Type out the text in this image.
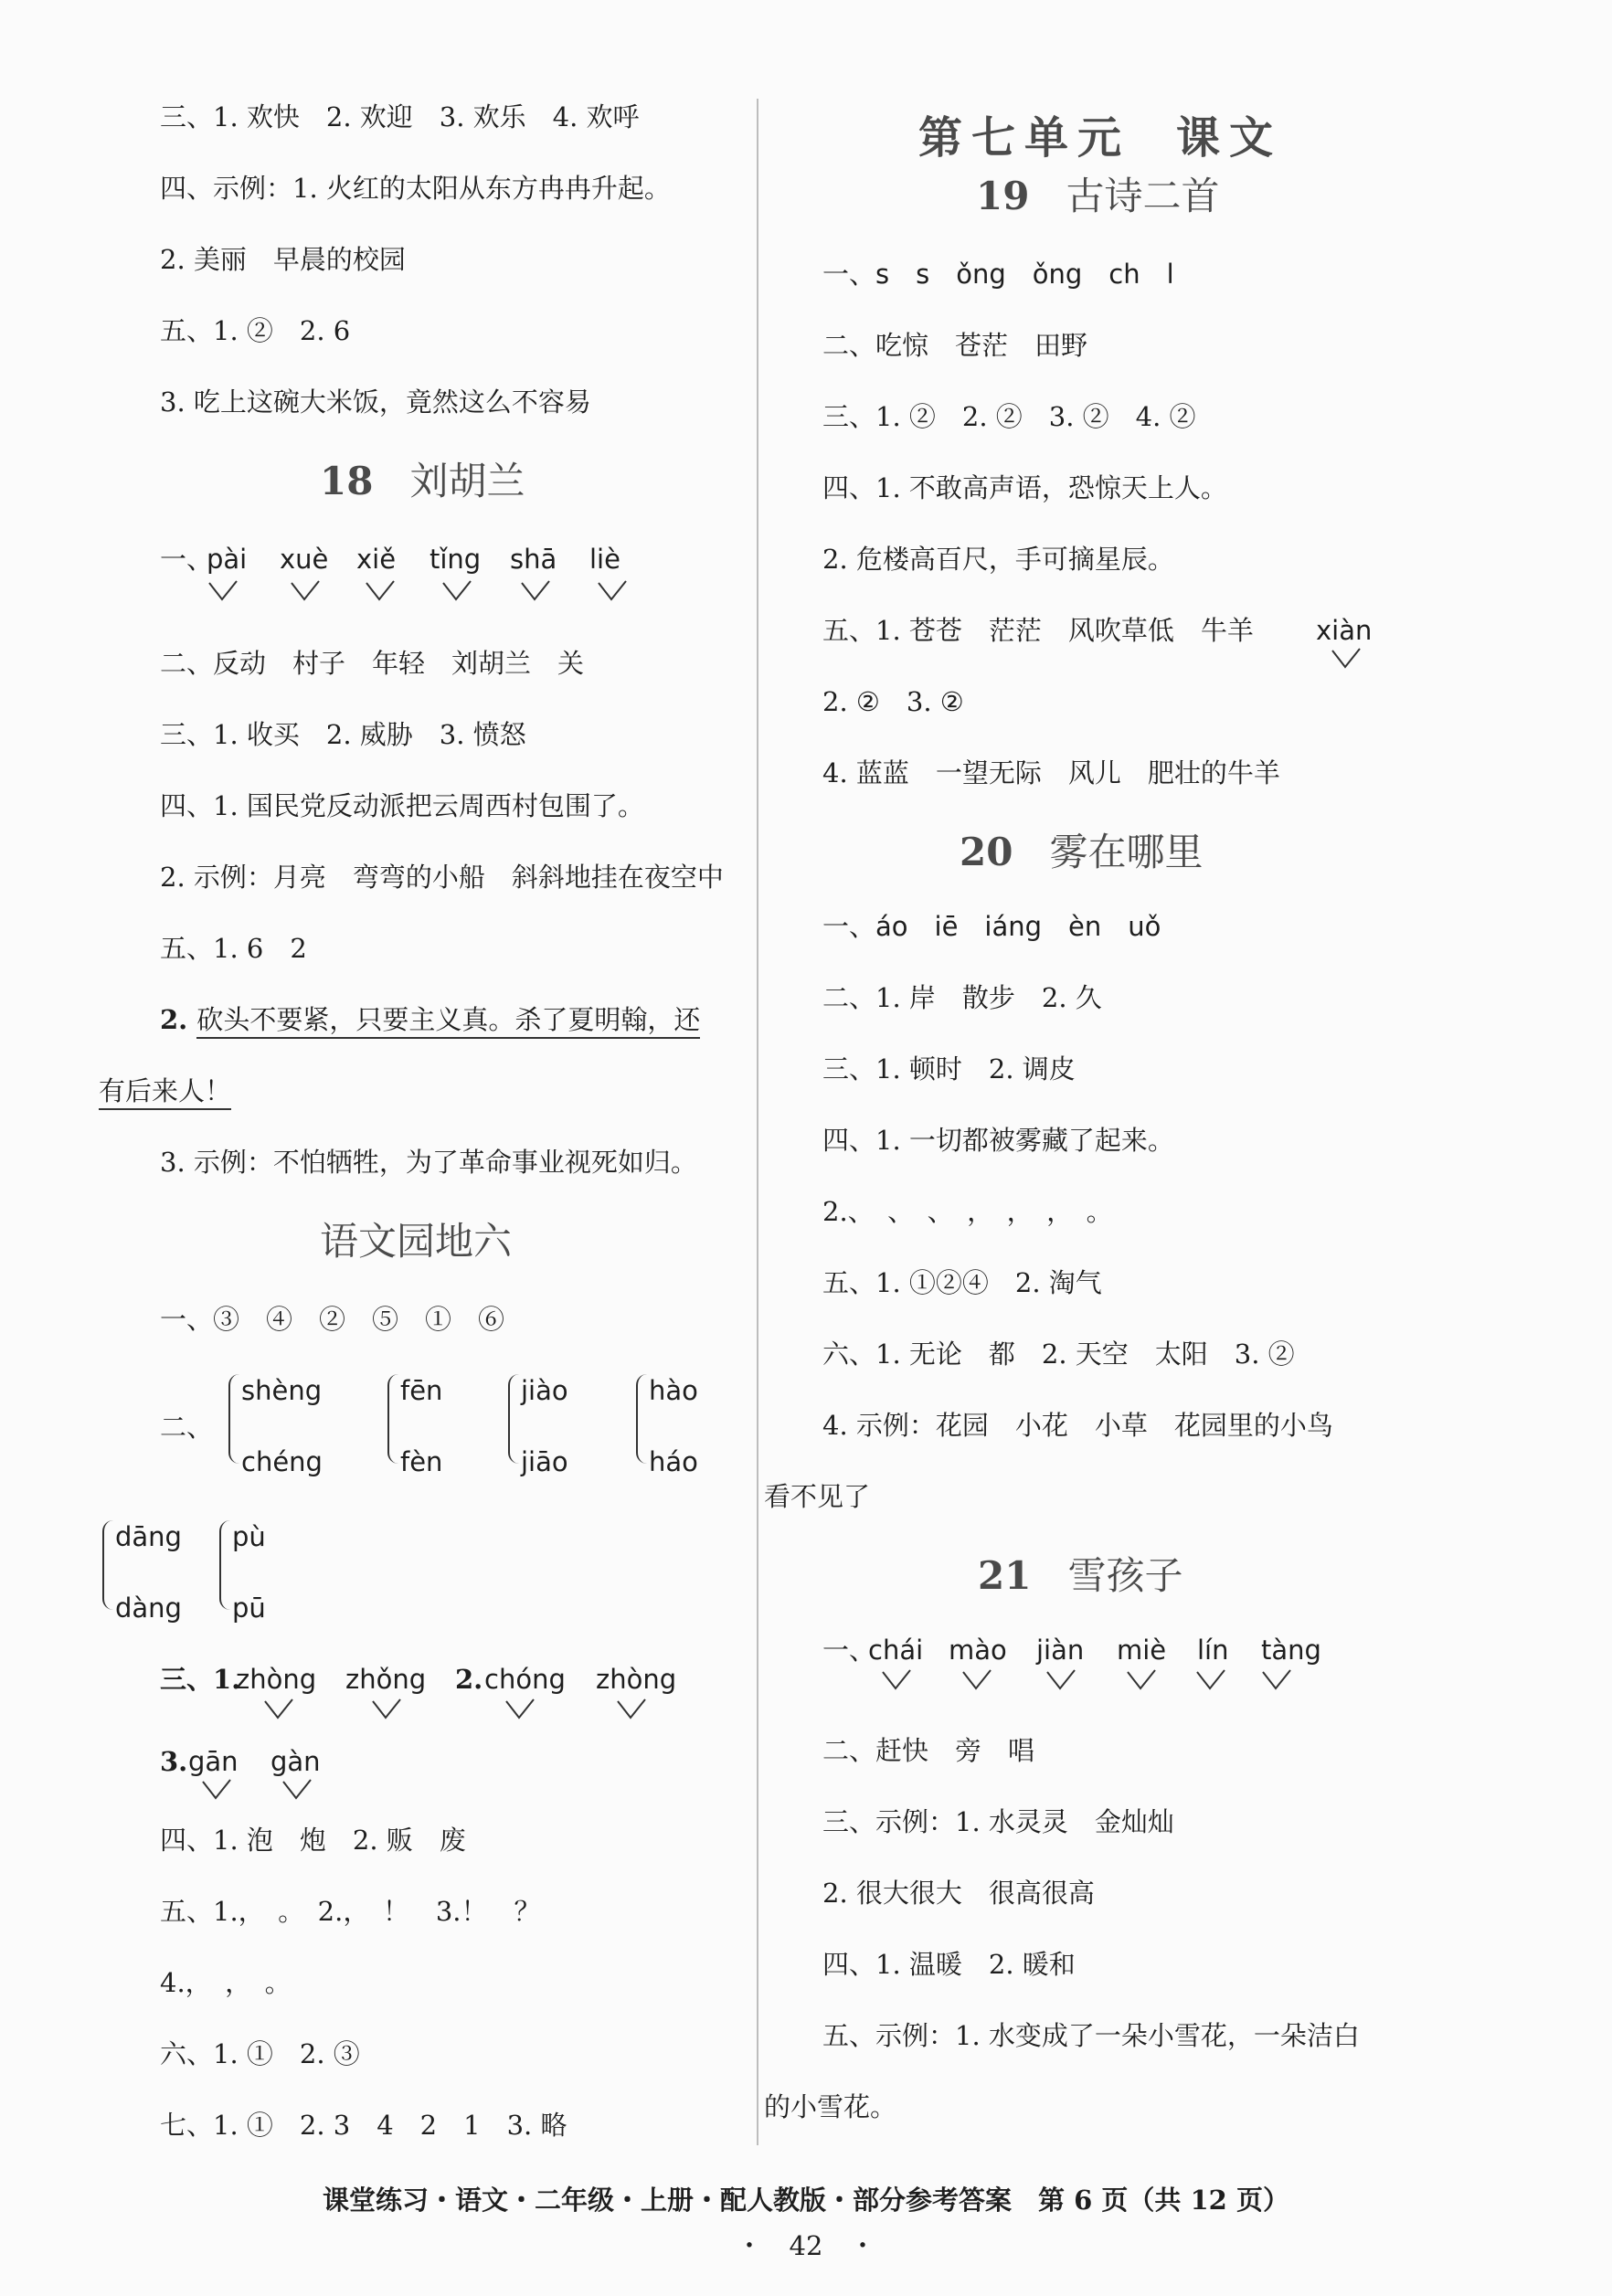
三、1. 欢快　2. 欢迎　3. 欢乐　4. 欢呼
四、示例：1. 火红的太阳从东方冉冉升起。
2. 美丽　早晨的校园
五、1. ②　2. 6
3. 吃上这碗大米饭，竟然这么不容易
18 刘胡兰
一、
pài xuè xiě tǐng shā liè
二、反动　村子　年轻　刘胡兰　关
三、1. 收买　2. 威胁　3. 愤怒
四、1. 国民党反动派把云周西村包围了。
2. 示例：月亮　弯弯的小船　斜斜地挂在夜空中
五、1. 6　2
2. 砍头不要紧，只要主义真。杀了夏明翰，还
有后来人！
3. 示例：不怕牺牲，为了革命事业视死如归。
语文园地六
一、③　④　②　⑤　①　⑥
二、
shèng
chéng
fēn
fèn
jiào
jiāo
hào
háo
dāng
dàng
pù
pū
三、1.
zhòng zhǒng 2. chóng zhòng
3. gān gàn
四、1. 泡　炮　2. 贩　废
五、1.，　。　2.，　！　3.！　？
4.，　，　。
六、1. ①　2. ③
七、1. ①　2. 3　4　2　1　3. 略
第七单元 课文
19 古诗二首
一、s　s　ǒng　ǒng　ch　l
二、吃惊　苍茫　田野
三、1. ②　2. ②　3. ②　4. ②
四、1. 不敢高声语，恐惊天上人。
2. 危楼高百尺，手可摘星辰。
五、1. 苍苍　茫茫　风吹草低　牛羊 xiàn
2. ②　3. ②
4. 蓝蓝　一望无际　风儿　肥壮的牛羊
20 雾在哪里
一、áo　iē　iáng　èn　uǒ
二、1. 岸　散步　2. 久
三、1. 顿时　2. 调皮
四、1. 一切都被雾藏了起来。
2.、　、　、　，　，　，　。
五、1. ①②④　2. 淘气
六、1. 无论　都　2. 天空　太阳　3. ②
4. 示例：花园　小花　小草　花园里的小鸟
看不见了
21 雪孩子
一、
chái mào jiàn miè lín tàng
二、赶快　旁　唱
三、示例：1. 水灵灵　金灿灿
2. 很大很大　很高很高
四、1. 温暖　2. 暖和
五、示例：1. 水变成了一朵小雪花，一朵洁白
的小雪花。
课堂练习・语文・二年级・上册・配人教版・部分参考答案　第 6 页（共 12 页）
・　42　・
